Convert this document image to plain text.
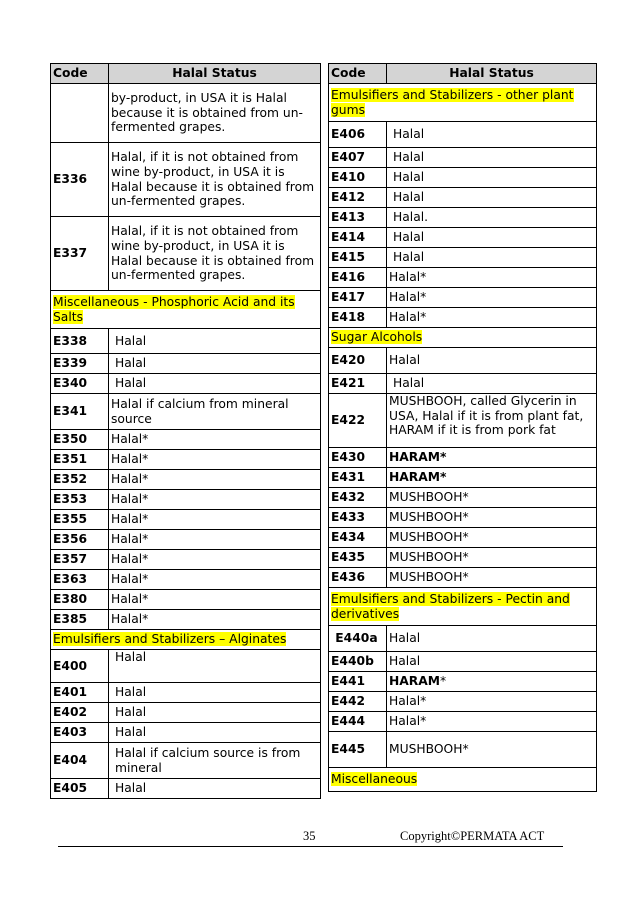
Code	Halal Status
	by-product, in USA it is Halal because it is obtained from un-fermented grapes.
E336	Halal, if it is not obtained from wine by-product, in USA it is Halal because it is obtained from un-fermented grapes.
E337	Halal, if it is not obtained from wine by-product, in USA it is Halal because it is obtained from un-fermented grapes.
Miscellaneous - Phosphoric Acid and its Salts	
E338	Halal
E339	Halal
E340	Halal
E341	Halal if calcium from mineral source
E350	Halal*
E351	Halal*
E352	Halal*
E353	Halal*
E355	Halal*
E356	Halal*
E357	Halal*
E363	Halal*
E380	Halal*
E385	Halal*
Emulsifiers and Stabilizers – Alginates	
E400	Halal
E401	Halal
E402	Halal
E403	Halal
E404	Halal if calcium source is from mineral
E405	Halal
Code	Halal Status
Emulsifiers and Stabilizers - other plant gums	
E406	Halal
E407	Halal
E410	Halal
E412	Halal
E413	Halal.
E414	Halal
E415	Halal
E416	Halal*
E417	Halal*
E418	Halal*
Sugar Alcohols	
E420	Halal
E421	Halal
E422	MUSHBOOH, called Glycerin in USA, Halal if it is from plant fat, HARAM if it is from pork fat
E430	HARAM*
E431	HARAM*
E432	MUSHBOOH*
E433	MUSHBOOH*
E434	MUSHBOOH*
E435	MUSHBOOH*
E436	MUSHBOOH*
Emulsifiers and Stabilizers - Pectin and derivatives	
E440a	Halal
E440b	Halal
E441	HARAM*
E442	Halal*
E444	Halal*
E445	MUSHBOOH*
Miscellaneous	
35	Copyright©PERMATA ACT
